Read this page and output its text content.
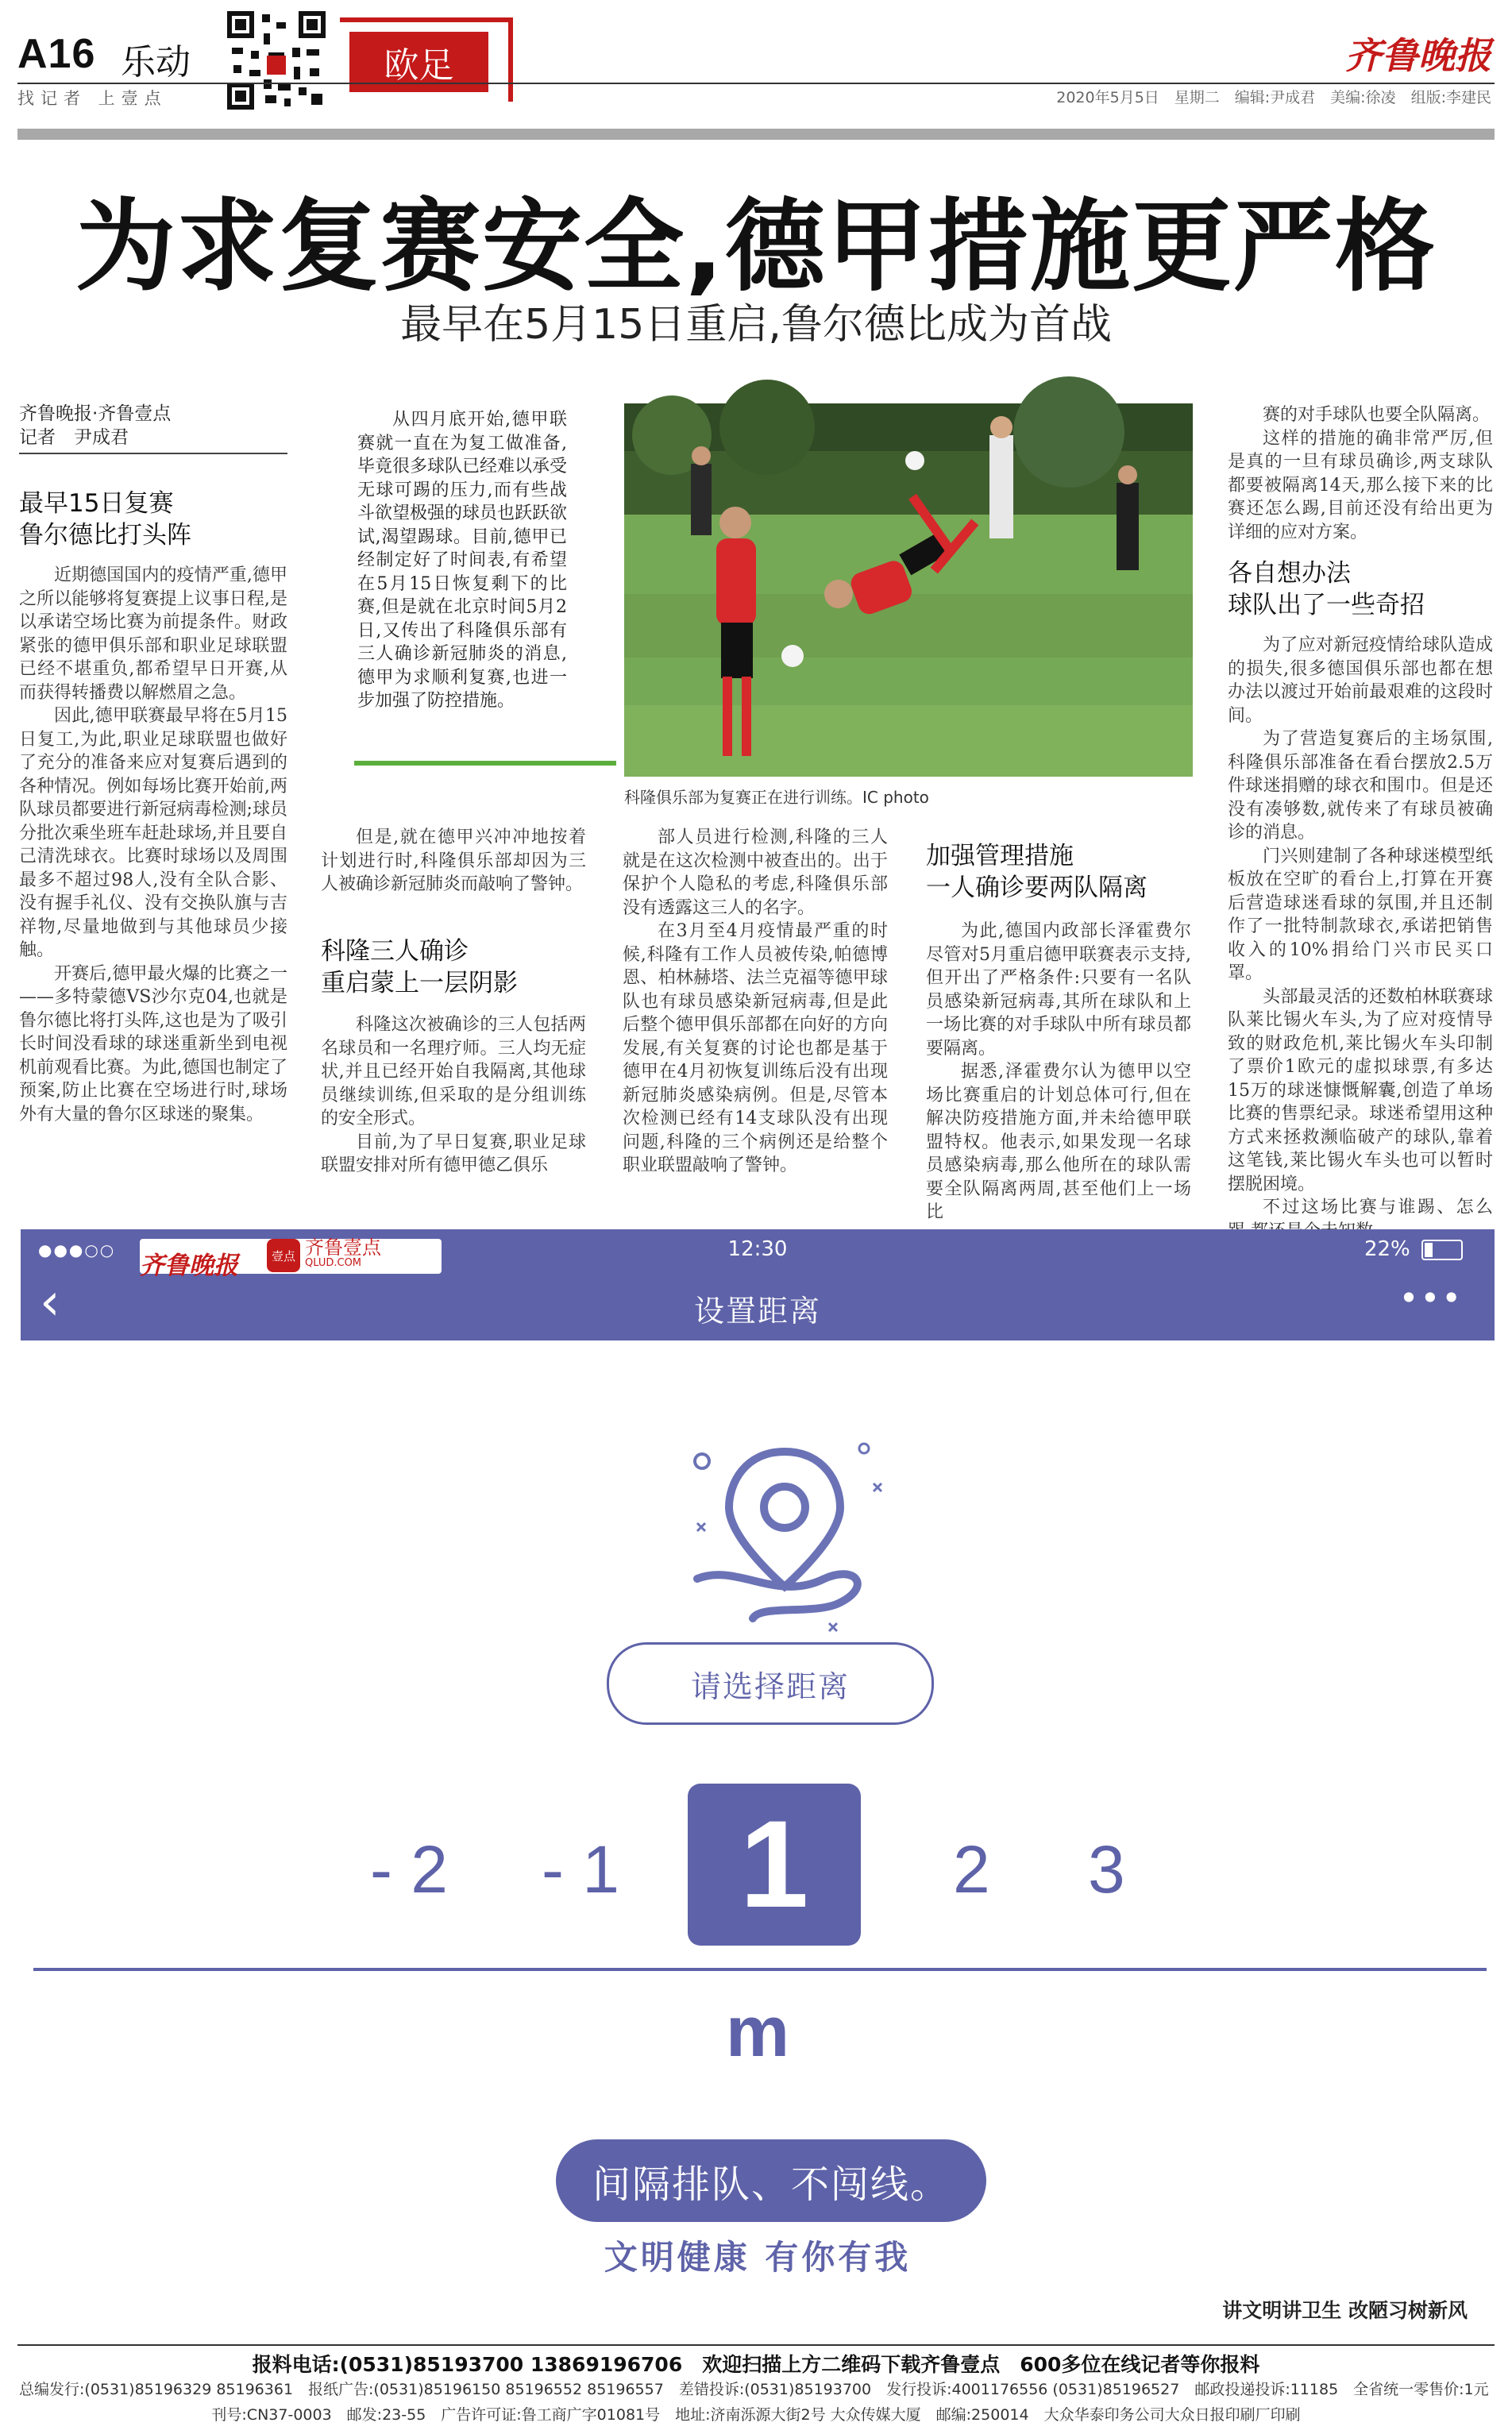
A16 乐动
找记者 上壹点
欧足	齐鲁晚报
2020年5月5日　星期二　编辑:尹成君　美编:徐凌　组版:李建民
为求复赛安全,德甲措施更严格
最早在5月15日重启,鲁尔德比成为首战
齐鲁晚报·齐鲁壹点
记者　尹成君
最早15日复赛
鲁尔德比打头阵

近期德国国内的疫情严重,德甲之所以能够将复赛提上议事日程,是以承诺空场比赛为前提条件。财政紧张的德甲俱乐部和职业足球联盟已经不堪重负,都希望早日开赛,从而获得转播费以解燃眉之急。

因此,德甲联赛最早将在5月15日复工,为此,职业足球联盟也做好了充分的准备来应对复赛后遇到的各种情况。例如每场比赛开始前,两队球员都要进行新冠病毒检测;球员分批次乘坐班车赶赴球场,并且要自己清洗球衣。比赛时球场以及周围最多不超过98人,没有全队合影、没有握手礼仪、没有交换队旗与吉祥物,尽量地做到与其他球员少接触。

开赛后,德甲最火爆的比赛之一——多特蒙德VS沙尔克04,也就是鲁尔德比将打头阵,这也是为了吸引长时间没看球的球迷重新坐到电视机前观看比赛。为此,德国也制定了预案,防止比赛在空场进行时,球场外有大量的鲁尔区球迷的聚集。

从四月底开始,德甲联赛就一直在为复工做准备,毕竟很多球队已经难以承受无球可踢的压力,而有些战斗欲望极强的球员也跃跃欲试,渴望踢球。目前,德甲已经制定好了时间表,有希望在5月15日恢复剩下的比赛,但是就在北京时间5月2日,又传出了科隆俱乐部有三人确诊新冠肺炎的消息,德甲为求顺利复赛,也进一步加强了防控措施。

但是,就在德甲兴冲冲地按着计划进行时,科隆俱乐部却因为三人被确诊新冠肺炎而敲响了警钟。

科隆三人确诊
重启蒙上一层阴影

科隆这次被确诊的三人包括两名球员和一名理疗师。三人均无症状,并且已经开始自我隔离,其他球员继续训练,但采取的是分组训练的安全形式。

目前,为了早日复赛,职业足球联盟安排对所有德甲德乙俱乐

科隆俱乐部为复赛正在进行训练。IC photo

部人员进行检测,科隆的三人就是在这次检测中被查出的。出于保护个人隐私的考虑,科隆俱乐部没有透露这三人的名字。

在3月至4月疫情最严重的时候,科隆有工作人员被传染,帕德博恩、柏林赫塔、法兰克福等德甲球队也有球员感染新冠病毒,但是此后整个德甲俱乐部都在向好的方向发展,有关复赛的讨论也都是基于德甲在4月初恢复训练后没有出现新冠肺炎感染病例。但是,尽管本次检测已经有14支球队没有出现问题,科隆的三个病例还是给整个职业联盟敲响了警钟。

加强管理措施
一人确诊要两队隔离

为此,德国内政部长泽霍费尔尽管对5月重启德甲联赛表示支持,但开出了严格条件:只要有一名队员感染新冠病毒,其所在球队和上一场比赛的对手球队中所有球员都要隔离。

据悉,泽霍费尔认为德甲以空场比赛重启的计划总体可行,但在解决防疫措施方面,并未给德甲联盟特权。他表示,如果发现一名球员感染病毒,那么他所在的球队需要全队隔离两周,甚至他们上一场比

赛的对手球队也要全队隔离。

这样的措施的确非常严厉,但是真的一旦有球员确诊,两支球队都要被隔离14天,那么接下来的比赛还怎么踢,目前还没有给出更为详细的应对方案。

各自想办法
球队出了一些奇招

为了应对新冠疫情给球队造成的损失,很多德国俱乐部也都在想办法以渡过开始前最艰难的这段时间。

为了营造复赛后的主场氛围,科隆俱乐部准备在看台摆放2.5万件球迷捐赠的球衣和围巾。但是还没有凑够数,就传来了有球员被确诊的消息。

门兴则建制了各种球迷模型纸板放在空旷的看台上,打算在开赛后营造球迷看球的氛围,并且还制作了一批特制款球衣,承诺把销售收入的10%捐给门兴市民买口罩。

头部最灵活的还数柏林联赛球队莱比锡火车头,为了应对疫情导致的财政危机,莱比锡火车头印制了票价1欧元的虚拟球票,有多达15万的球迷慷慨解囊,创造了单场比赛的售票纪录。球迷希望用这种方式来拯救濒临破产的球队,靠着这笔钱,莱比锡火车头也可以暂时摆脱困境。

不过这场比赛与谁踢、怎么

●●●○○
齐鲁晚报	壹点 齐鲁壹点
QLUD.COM
12:30	22%
‹	设置距离	•••
请选择距离
- 2 - 1 1	2 3
m
间隔排队、不闯线。
文明健康 有你有我
讲文明讲卫生 改陋习树新风
报料电话:(0531)85193700 13869196706　欢迎扫描上方二维码下载齐鲁壹点　600多位在线记者等你报料
总编发行:(0531)85196329 85196361　报纸广告:(0531)85196150 85196552 85196557　差错投诉:(0531)85193700　发行投诉:4001176556 (0531)85196527　邮政投递投诉:11185　全省统一零售价:1元
刊号:CN37-0003　邮发:23-55　广告许可证:鲁工商广字01081号　地址:济南泺源大街2号 大众传媒大厦　邮编:250014　大众华泰印务公司大众日报印刷厂印刷
